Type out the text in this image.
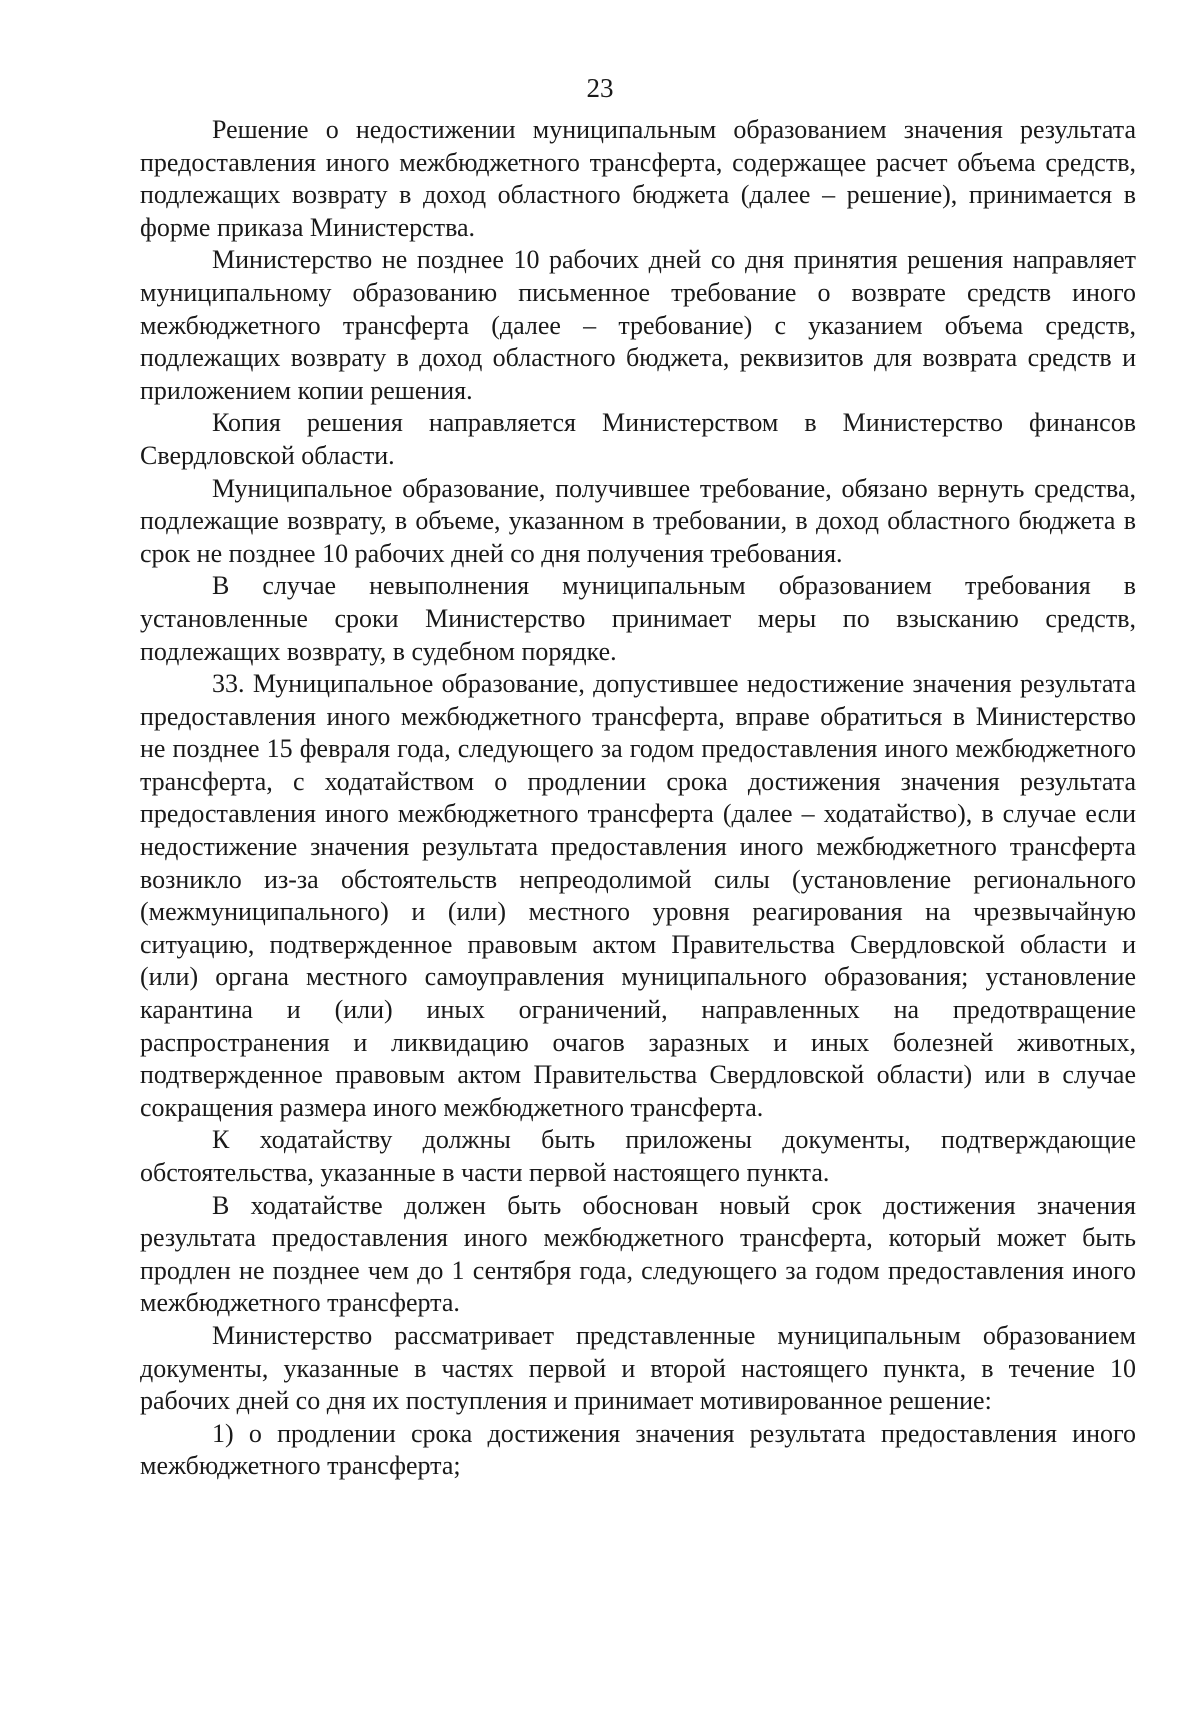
23

Решение о недостижении муниципальным образованием значения результата предоставления иного межбюджетного трансферта, содержащее расчет объема средств, подлежащих возврату в доход областного бюджета (далее – решение), принимается в форме приказа Министерства.

Министерство не позднее 10 рабочих дней со дня принятия решения направляет муниципальному образованию письменное требование о возврате средств иного межбюджетного трансферта (далее – требование) с указанием объема средств, подлежащих возврату в доход областного бюджета, реквизитов для возврата средств и приложением копии решения.

Копия решения направляется Министерством в Министерство финансов Свердловской области.

Муниципальное образование, получившее требование, обязано вернуть средства, подлежащие возврату, в объеме, указанном в требовании, в доход областного бюджета в срок не позднее 10 рабочих дней со дня получения требования.

В случае невыполнения муниципальным образованием требования в установленные сроки Министерство принимает меры по взысканию средств, подлежащих возврату, в судебном порядке.

33. Муниципальное образование, допустившее недостижение значения результата предоставления иного межбюджетного трансферта, вправе обратиться в Министерство не позднее 15 февраля года, следующего за годом предоставления иного межбюджетного трансферта, с ходатайством о продлении срока достижения значения результата предоставления иного межбюджетного трансферта (далее – ходатайство), в случае если недостижение значения результата предоставления иного межбюджетного трансферта возникло из-за обстоятельств непреодолимой силы (установление регионального (межмуниципального) и (или) местного уровня реагирования на чрезвычайную ситуацию, подтвержденное правовым актом Правительства Свердловской области и (или) органа местного самоуправления муниципального образования; установление карантина и (или) иных ограничений, направленных на предотвращение распространения и ликвидацию очагов заразных и иных болезней животных, подтвержденное правовым актом Правительства Свердловской области) или в случае сокращения размера иного межбюджетного трансферта.

К ходатайству должны быть приложены документы, подтверждающие обстоятельства, указанные в части первой настоящего пункта.

В ходатайстве должен быть обоснован новый срок достижения значения результата предоставления иного межбюджетного трансферта, который может быть продлен не позднее чем до 1 сентября года, следующего за годом предоставления иного межбюджетного трансферта.

Министерство рассматривает представленные муниципальным образованием документы, указанные в частях первой и второй настоящего пункта, в течение 10 рабочих дней со дня их поступления и принимает мотивированное решение:

1) о продлении срока достижения значения результата предоставления иного межбюджетного трансферта;
